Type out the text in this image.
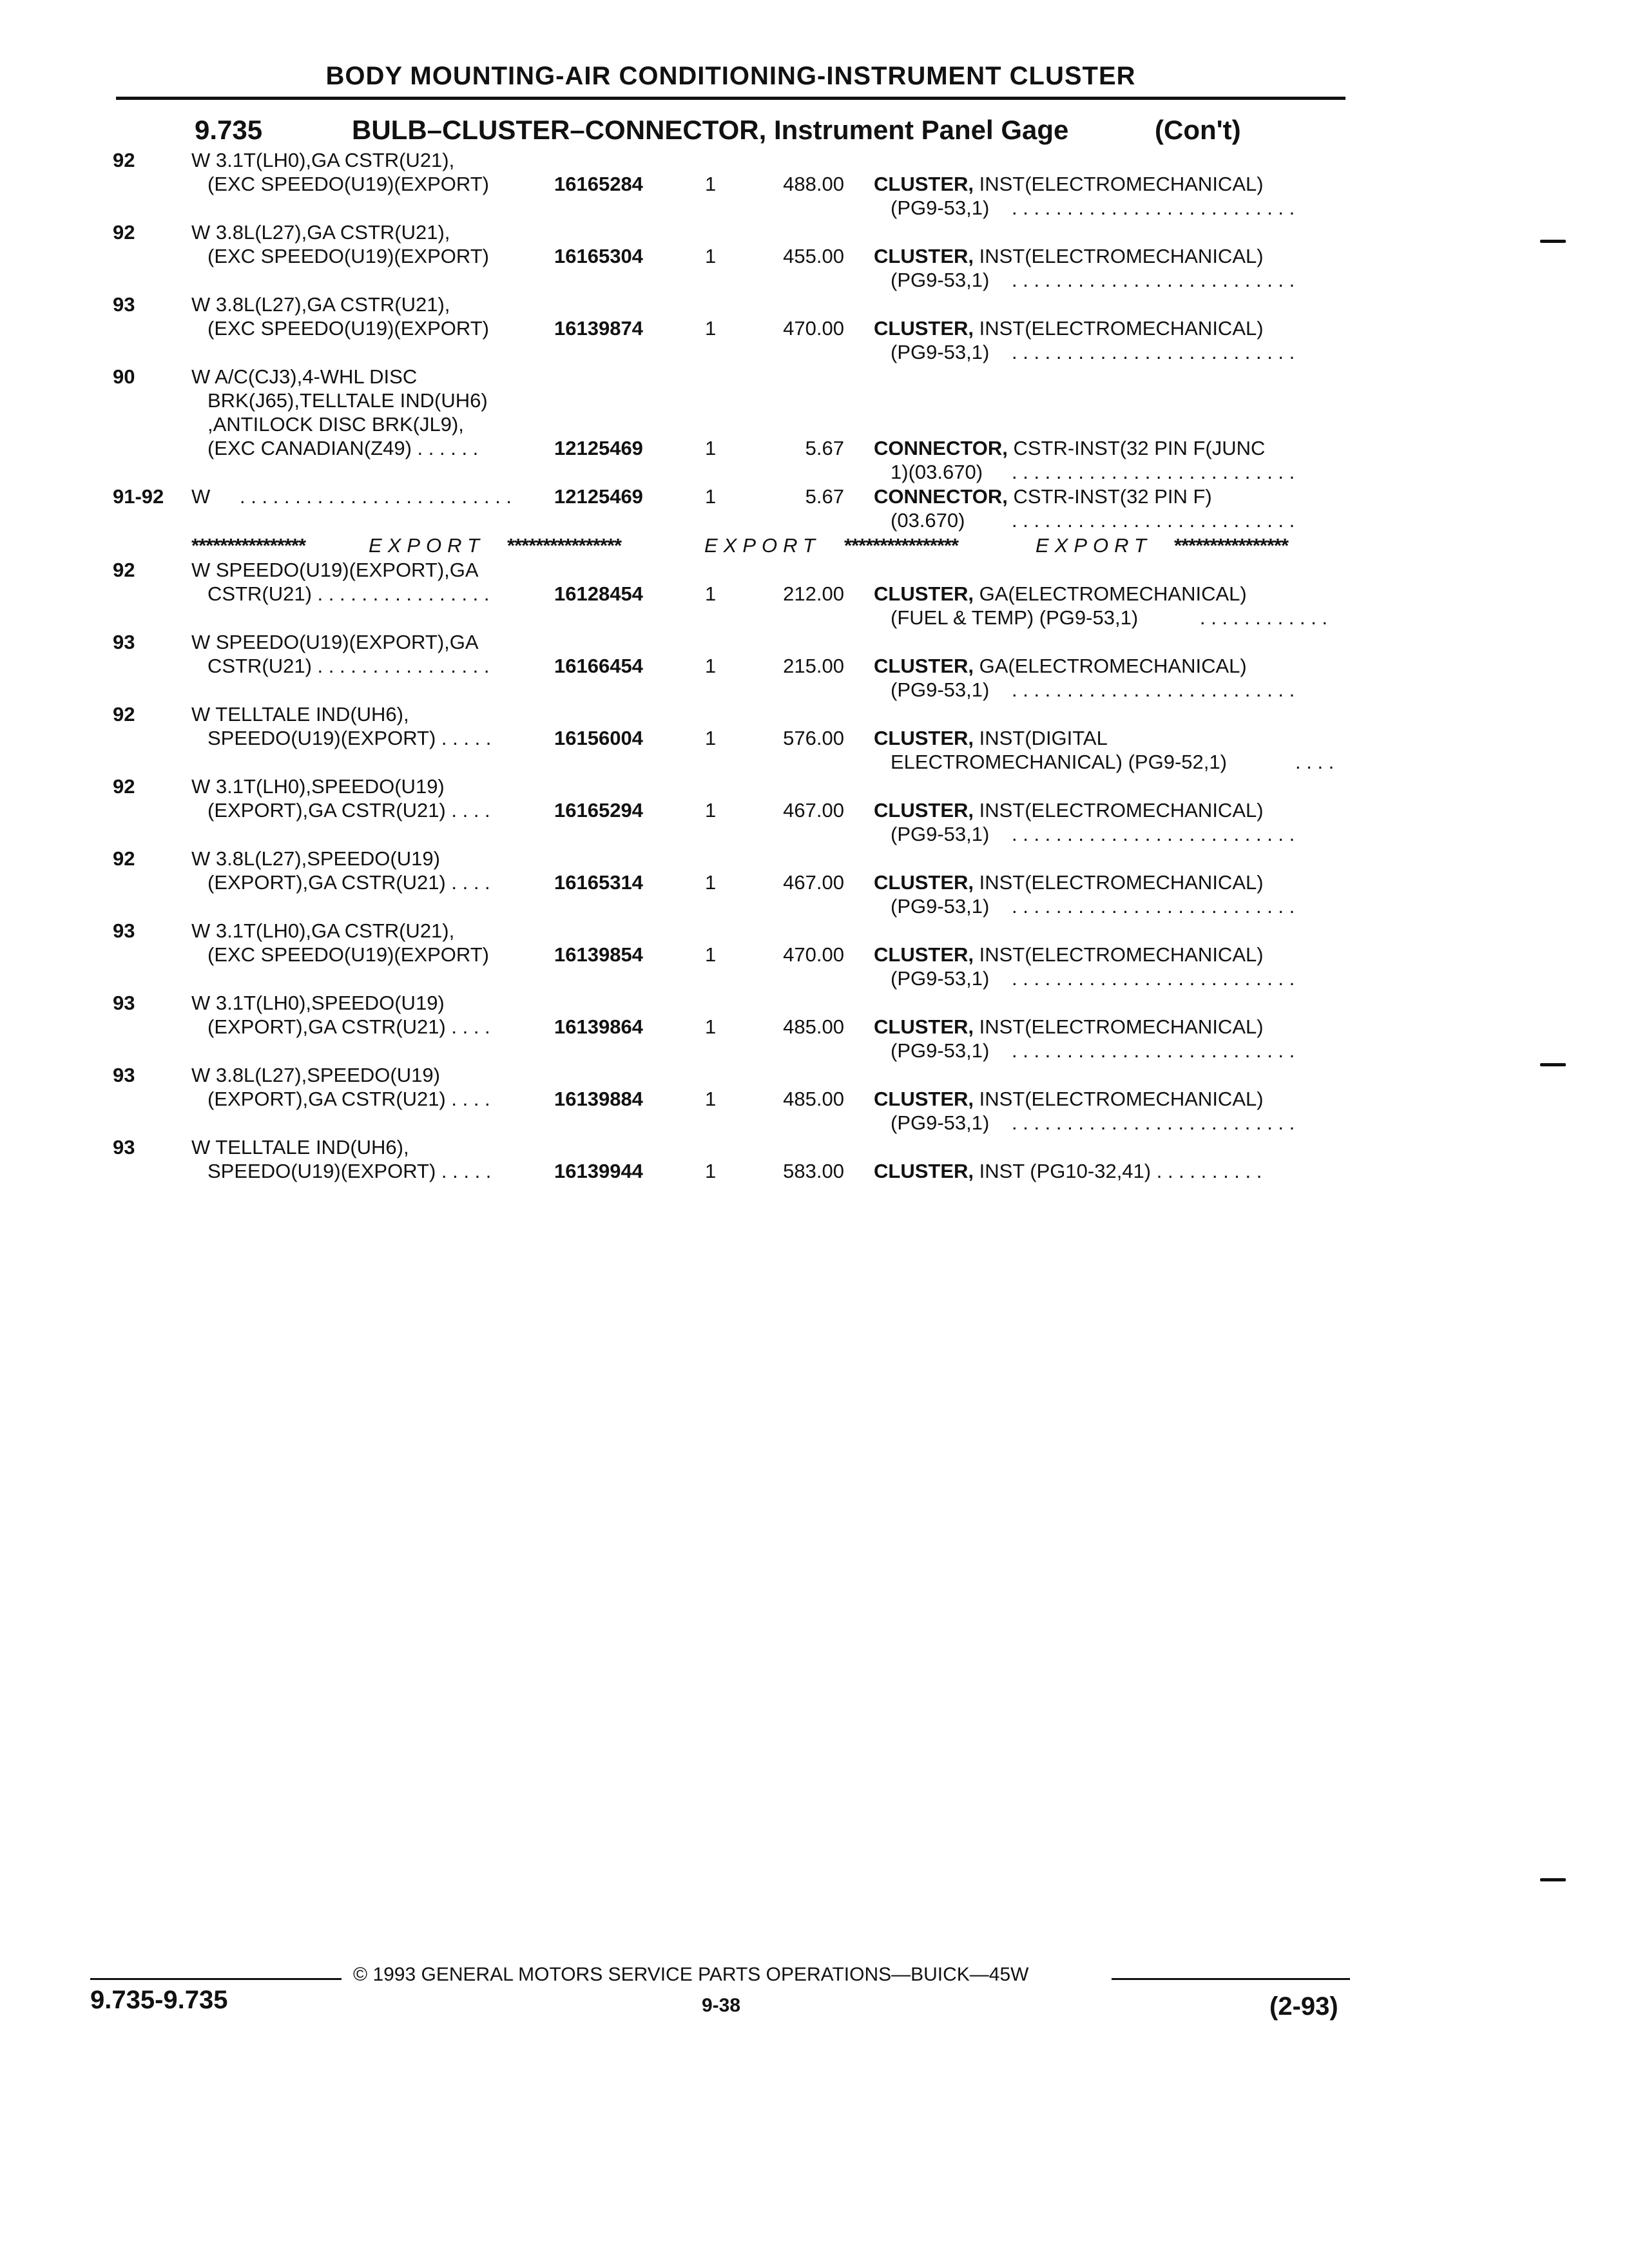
BODY MOUNTING-AIR CONDITIONING-INSTRUMENT CLUSTER
9.735	BULB–CLUSTER–CONNECTOR, Instrument Panel Gage	(Con't)
92	W 3.1T(LH0),GA CSTR(U21),
(EXC SPEEDO(U19)(EXPORT)	16165284	1	488.00 CLUSTER, INST(ELECTROMECHANICAL)
(PG9-53,1) . . . . . . . . . . . . . . . . . . . . . . . . . .
92	W 3.8L(L27),GA CSTR(U21),
(EXC SPEEDO(U19)(EXPORT)	16165304	1	455.00 CLUSTER, INST(ELECTROMECHANICAL)
(PG9-53,1) . . . . . . . . . . . . . . . . . . . . . . . . . .
93	W 3.8L(L27),GA CSTR(U21),
(EXC SPEEDO(U19)(EXPORT)	16139874	1	470.00 CLUSTER, INST(ELECTROMECHANICAL)
(PG9-53,1) . . . . . . . . . . . . . . . . . . . . . . . . . .
90	W A/C(CJ3),4-WHL DISC
BRK(J65),TELLTALE IND(UH6)
,ANTILOCK DISC BRK(JL9),
(EXC CANADIAN(Z49) . . . . . .	12125469	1	5.67 CONNECTOR, CSTR-INST(32 PIN F(JUNC
1)(03.670) . . . . . . . . . . . . . . . . . . . . . . . . . .
91-92 W . . . . . . . . . . . . . . . . . . . . . . . . . 12125469	1	5.67 CONNECTOR, CSTR-INST(32 PIN F)
(03.670) . . . . . . . . . . . . . . . . . . . . . . . . . .
92	W SPEEDO(U19)(EXPORT),GA
CSTR(U21) . . . . . . . . . . . . . . . .	16128454	1	212.00 CLUSTER, GA(ELECTROMECHANICAL)
(FUEL & TEMP) (PG9-53,1)	. . . . . . . . . . . .
93	W SPEEDO(U19)(EXPORT),GA
CSTR(U21) . . . . . . . . . . . . . . . .	16166454	1	215.00 CLUSTER, GA(ELECTROMECHANICAL)
(PG9-53,1) . . . . . . . . . . . . . . . . . . . . . . . . . .
92	W TELLTALE IND(UH6),
SPEEDO(U19)(EXPORT) . . . . .	16156004	1	576.00 CLUSTER, INST(DIGITAL
ELECTROMECHANICAL) (PG9-52,1)	. . . .
92	W 3.1T(LH0),SPEEDO(U19)
(EXPORT),GA CSTR(U21) . . . .	16165294	1	467.00 CLUSTER, INST(ELECTROMECHANICAL)
(PG9-53,1) . . . . . . . . . . . . . . . . . . . . . . . . . .
92	W 3.8L(L27),SPEEDO(U19)
(EXPORT),GA CSTR(U21) . . . .	16165314	1	467.00 CLUSTER, INST(ELECTROMECHANICAL)
(PG9-53,1) . . . . . . . . . . . . . . . . . . . . . . . . . .
93	W 3.1T(LH0),GA CSTR(U21),
(EXC SPEEDO(U19)(EXPORT)	16139854	1	470.00 CLUSTER, INST(ELECTROMECHANICAL)
(PG9-53,1) . . . . . . . . . . . . . . . . . . . . . . . . . .
93	W 3.1T(LH0),SPEEDO(U19)
(EXPORT),GA CSTR(U21) . . . .	16139864	1	485.00 CLUSTER, INST(ELECTROMECHANICAL)
(PG9-53,1) . . . . . . . . . . . . . . . . . . . . . . . . . .
93	W 3.8L(L27),SPEEDO(U19)
(EXPORT),GA CSTR(U21) . . . .	16139884	1	485.00 CLUSTER, INST(ELECTROMECHANICAL)
(PG9-53,1) . . . . . . . . . . . . . . . . . . . . . . . . . .
93	W TELLTALE IND(UH6),
SPEEDO(U19)(EXPORT) . . . . .	16139944	1	583.00 CLUSTER, INST (PG10-32,41) . . . . . . . . . .
****************	EXPORT ****************	EXPORT ****************	EXPORT ****************
© 1993 GENERAL MOTORS SERVICE PARTS OPERATIONS—BUICK—45W
9.735-9.735	9-38	(2-93)
